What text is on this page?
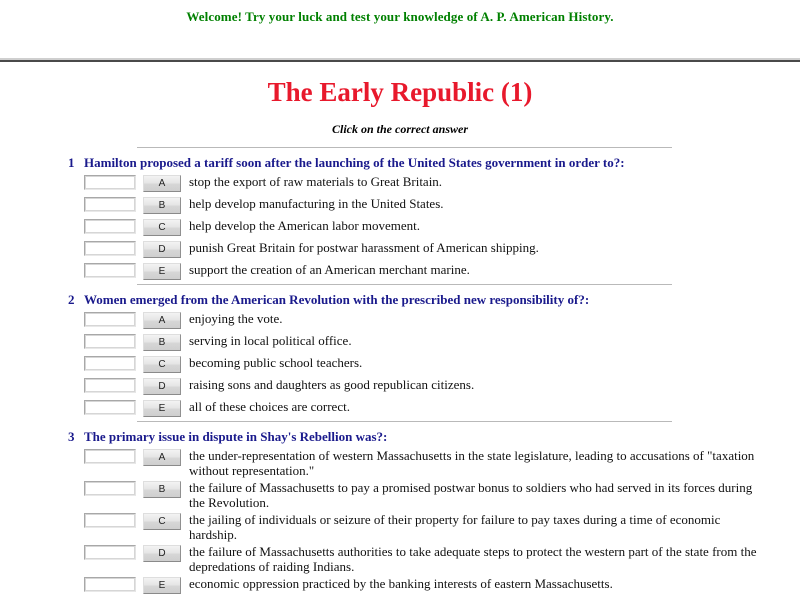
Welcome! Try your luck and test your knowledge of A. P. American History.
The Early Republic (1)

Click on the correct answer

1 Hamilton proposed a tariff soon after the launching of the United States government in order to?:
A	stop the export of raw materials to Great Britain.
B	help develop manufacturing in the United States.
C	help develop the American labor movement.
D	punish Great Britain for postwar harassment of American shipping.
E	support the creation of an American merchant marine.
2 Women emerged from the American Revolution with the prescribed new responsibility of?:
A	enjoying the vote.
B	serving in local political office.
C	becoming public school teachers.
D	raising sons and daughters as good republican citizens.
E	all of these choices are correct.
3 The primary issue in dispute in Shay's Rebellion was?:
A	the under-representation of western Massachusetts in the state legislature, leading to accusations of "taxation without representation."
B	the failure of Massachusetts to pay a promised postwar bonus to soldiers who had served in its forces during the Revolution.
C	the jailing of individuals or seizure of their property for failure to pay taxes during a time of economic hardship.
D	the failure of Massachusetts authorities to take adequate steps to protect the western part of the state from the depredations of raiding Indians.
E	economic oppression practiced by the banking interests of eastern Massachusetts.
